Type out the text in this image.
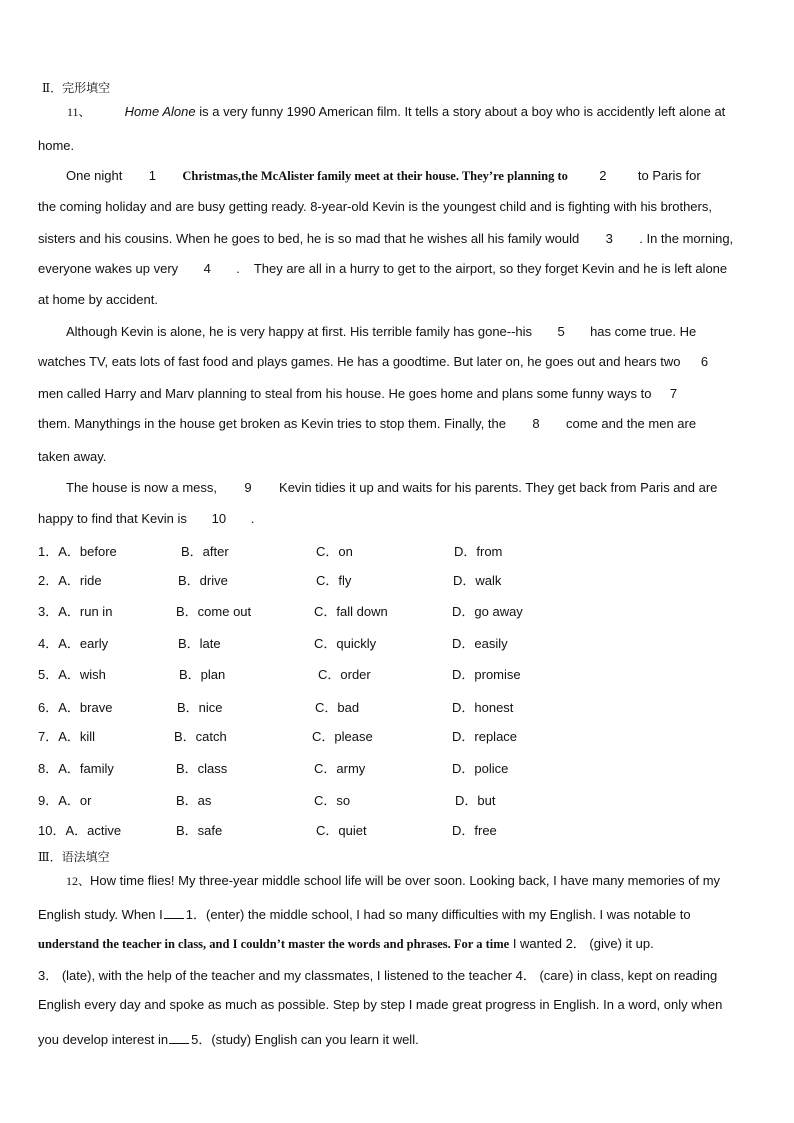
Ⅱ．完形填空
11、	Home Alone is a very funny 1990 American film. It tells a story about a boy who is accidently left alone at
home.
One night 1 Christmas,the McAlister family meet at their house. They’re planning to 2 to Paris for
the coming holiday and are busy getting ready. 8-year-old Kevin is the youngest child and is fighting with his brothers,
sisters and his cousins. When he goes to bed, he is so mad that he wishes all his family would 3 . In the morning,
everyone wakes up very 4 . They are all in a hurry to get to the airport, so they forget Kevin and he is left alone
at home by accident.
Although Kevin is alone, he is very happy at first. His terrible family has gone--his 5 has come true. He
watches TV, eats lots of fast food and plays games. He has a goodtime. But later on, he goes out and hears two 6
men called Harry and Marv planning to steal from his house. He goes home and plans some funny ways to 7
them. Manythings in the house get broken as Kevin tries to stop them. Finally, the 8 come and the men are
taken away.
The house is now a mess, 9 Kevin tidies it up and waits for his parents. They get back from Paris and are
happy to find that Kevin is 10 .
1．A．before	B．after	C．on	D．from
2．A．ride	B．drive	C．fly	D．walk
3．A．run in	B．come out	C．fall down	D．go away
4．A．early	B．late	C．quickly	D．easily
5．A．wish	B．plan	C．order	D．promise
6．A．brave	B．nice	C．bad	D．honest
7．A．kill	B．catch	C．please	D．replace
8．A．family	B．class	C．army	D．police
9．A．or	B．as	C．so	D．but
10．A．active	B．safe	C．quiet	D．free
Ⅲ．语法填空
12、How time flies! My three-year middle school life will be over soon. Looking back, I have many memories of my
English study. When I 1．(enter) the middle school, I had so many difficulties with my English. I was notable to
understand the teacher in class, and I couldn’t master the words and phrases. For a time I wanted 2． (give) it up.
3． (late), with the help of the teacher and my classmates, I listened to the teacher 4． (care) in class, kept on reading
English every day and spoke as much as possible. Step by step I made great progress in English. In a word, only when
you develop interest in 5．(study) English can you learn it well.
